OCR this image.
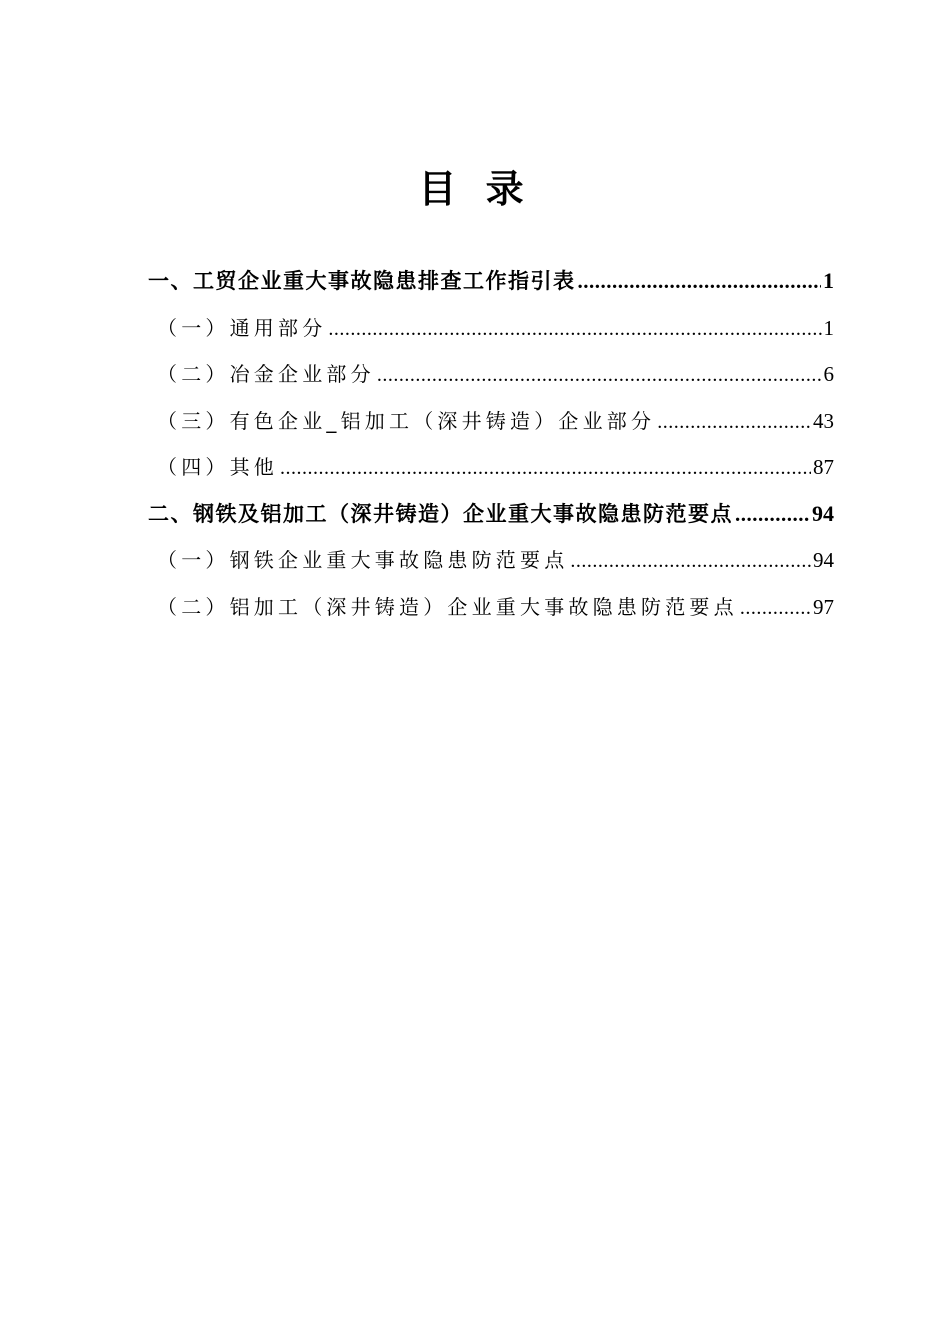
目 录
一、工贸企业重大事故隐患排查工作指引表 .....	1
（一）通用部分 .....	1
（二）冶金企业部分 .....	6
（三）有色企业_铝加工（深井铸造）企业部分 .....	43
（四）其他 .....	87
二、钢铁及铝加工（深井铸造）企业重大事故隐患防范要点 .....	94
（一）钢铁企业重大事故隐患防范要点 .....	94
（二）铝加工（深井铸造）企业重大事故隐患防范要点 .....	97
